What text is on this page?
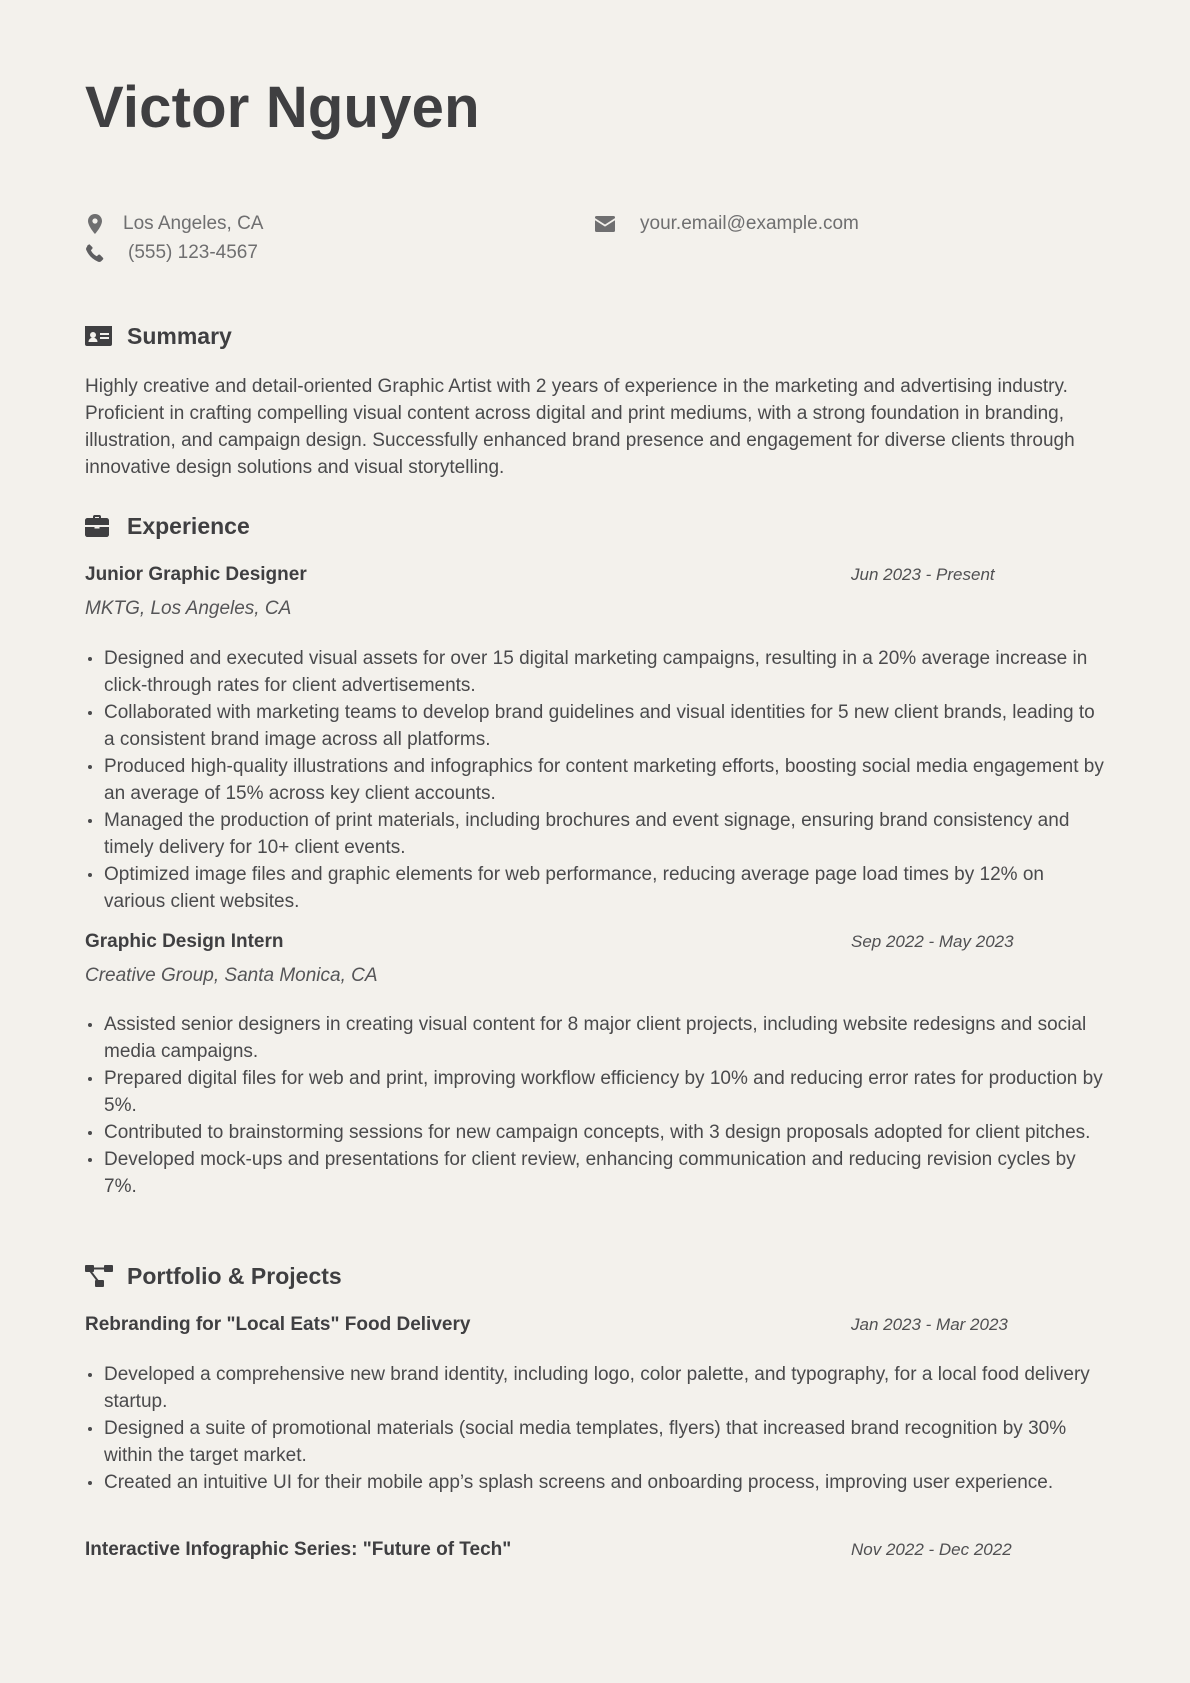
Victor Nguyen
Los Angeles, CA
(555) 123-4567
your.email@example.com
Summary

Highly creative and detail-oriented Graphic Artist with 2 years of experience in the marketing and advertising industry. Proficient in crafting compelling visual content across digital and print mediums, with a strong foundation in branding, illustration, and campaign design. Successfully enhanced brand presence and engagement for diverse clients through innovative design solutions and visual storytelling.

Experience

Junior Graphic Designer	Jun 2023 - Present

MKTG, Los Angeles, CA

Designed and executed visual assets for over 15 digital marketing campaigns, resulting in a 20% average increase in click-through rates for client advertisements.
Collaborated with marketing teams to develop brand guidelines and visual identities for 5 new client brands, leading to a consistent brand image across all platforms.
Produced high-quality illustrations and infographics for content marketing efforts, boosting social media engagement by an average of 15% across key client accounts.
Managed the production of print materials, including brochures and event signage, ensuring brand consistency and timely delivery for 10+ client events.
Optimized image files and graphic elements for web performance, reducing average page load times by 12% on various client websites.

Graphic Design Intern	Sep 2022 - May 2023

Creative Group, Santa Monica, CA

Assisted senior designers in creating visual content for 8 major client projects, including website redesigns and social media campaigns.
Prepared digital files for web and print, improving workflow efficiency by 10% and reducing error rates for production by 5%.
Contributed to brainstorming sessions for new campaign concepts, with 3 design proposals adopted for client pitches.
Developed mock-ups and presentations for client review, enhancing communication and reducing revision cycles by 7%.
Portfolio & Projects

Rebranding for "Local Eats" Food Delivery	Jan 2023 - Mar 2023

Developed a comprehensive new brand identity, including logo, color palette, and typography, for a local food delivery startup.
Designed a suite of promotional materials (social media templates, flyers) that increased brand recognition by 30% within the target market.
Created an intuitive UI for their mobile app’s splash screens and onboarding process, improving user experience.

Interactive Infographic Series: "Future of Tech"	Nov 2022 - Dec 2022
